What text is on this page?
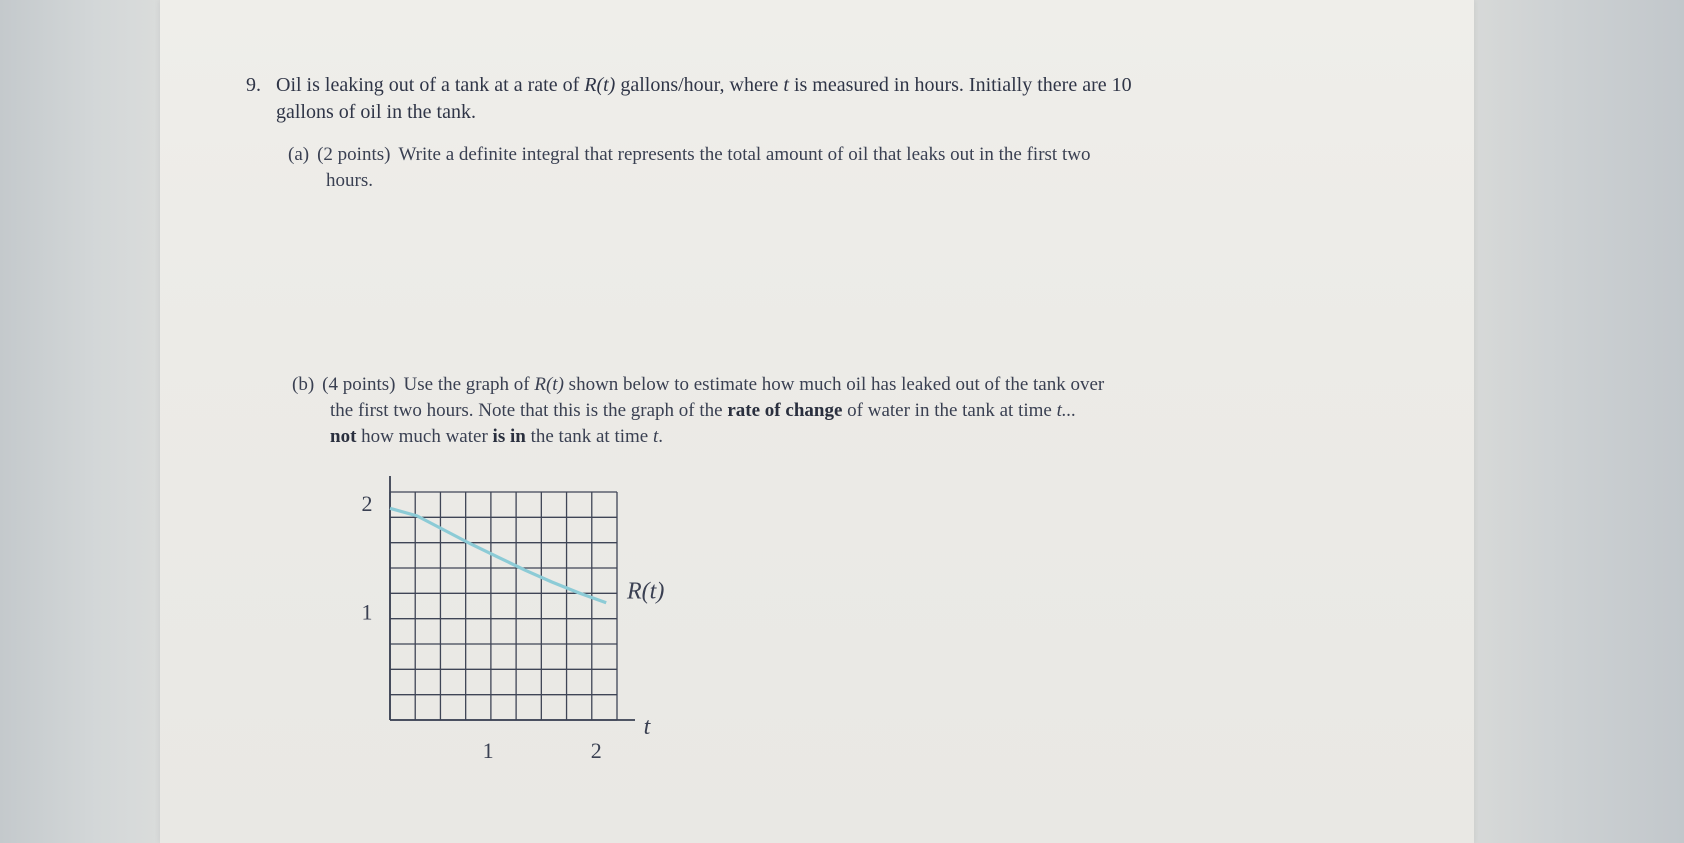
9. Oil is leaking out of a tank at a rate of R(t) gallons/hour, where t is measured in hours. Initially there are 10
gallons of oil in the tank.
(a) (2 points) Write a definite integral that represents the total amount of oil that leaks out in the first two
hours.
(b) (4 points) Use the graph of R(t) shown below to estimate how much oil has leaked out of the tank over
the first two hours. Note that this is the graph of the rate of change of water in the tank at time t...
not how much water is in the tank at time t.
1
2
1	2
t
R(t)
